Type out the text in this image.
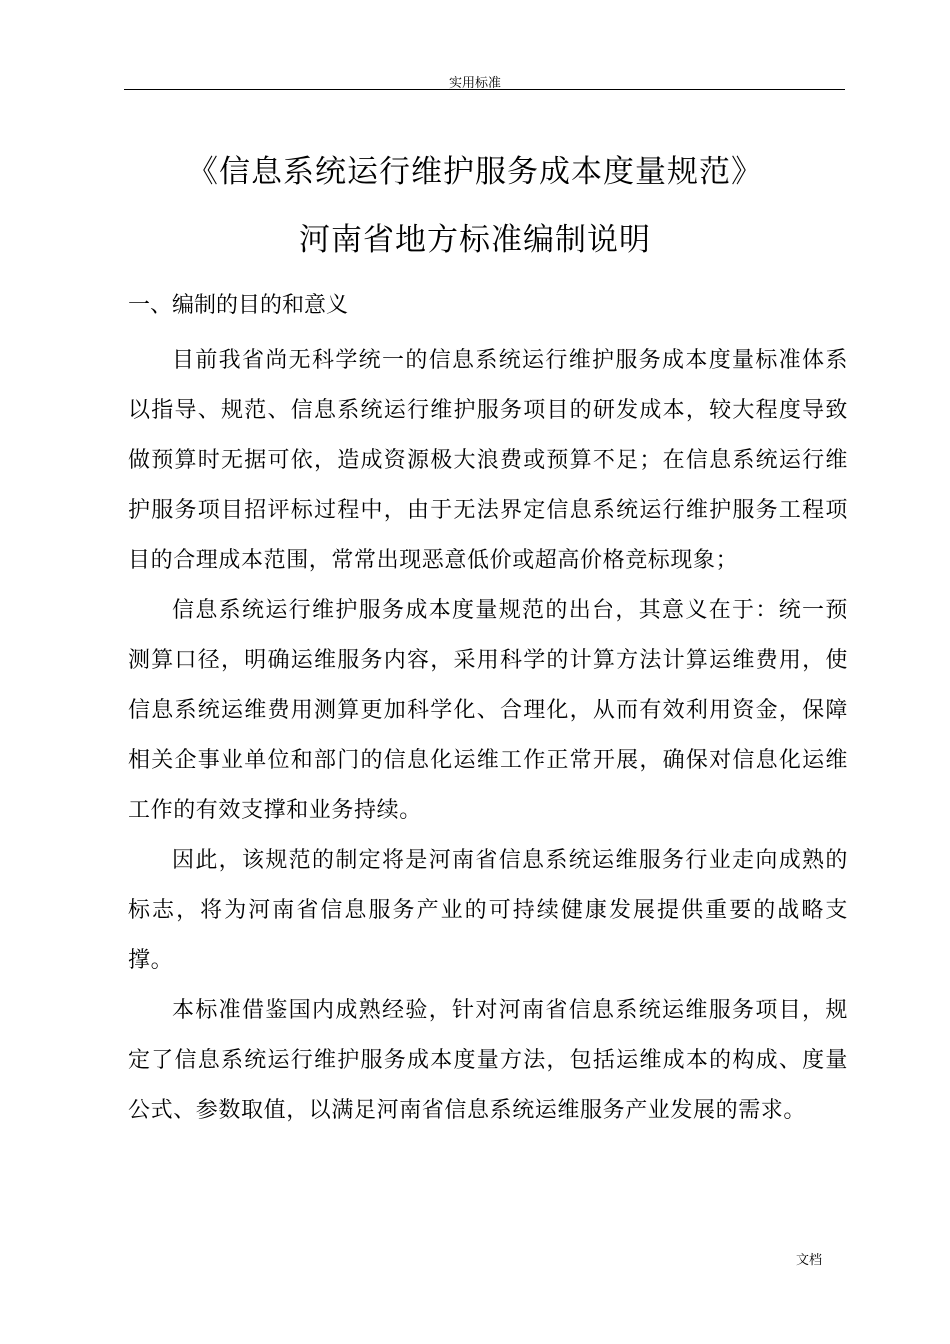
实用标准
《信息系统运行维护服务成本度量规范》
河南省地方标准编制说明
一、编制的目的和意义

目前我省尚无科学统一的信息系统运行维护服务成本度量标准体系以指导、规范、信息系统运行维护服务项目的研发成本，较大程度导致做预算时无据可依，造成资源极大浪费或预算不足；在信息系统运行维护服务项目招评标过程中，由于无法界定信息系统运行维护服务工程项目的合理成本范围，常常出现恶意低价或超高价格竞标现象；

信息系统运行维护服务成本度量规范的出台，其意义在于：统一预测算口径，明确运维服务内容，采用科学的计算方法计算运维费用，使信息系统运维费用测算更加科学化、合理化，从而有效利用资金，保障相关企事业单位和部门的信息化运维工作正常开展，确保对信息化运维工作的有效支撑和业务持续。

因此，该规范的制定将是河南省信息系统运维服务行业走向成熟的标志，将为河南省信息服务产业的可持续健康发展提供重要的战略支撑。

本标准借鉴国内成熟经验，针对河南省信息系统运维服务项目，规定了信息系统运行维护服务成本度量方法，包括运维成本的构成、度量公式、参数取值，以满足河南省信息系统运维服务产业发展的需求。

文档
